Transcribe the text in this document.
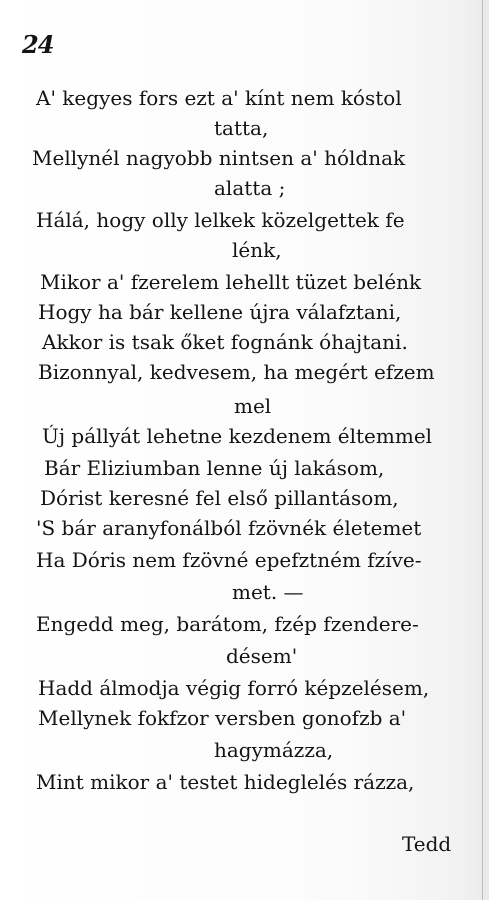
24
A' kegyes fors ezt a' kínt nem kóstol
tatta,
Mellynél nagyobb nintsen a' hóldnak
alatta ;
Hálá, hogy olly lelkek közelgettek fe
lénk,
Mikor a' fzerelem lehellt tüzet belénk
Hogy ha bár kellene újra válafztani,
Akkor is tsak őket fognánk óhajtani.
Bizonnyal, kedvesem, ha megért efzem
mel
Új pállyát lehetne kezdenem éltemmel
Bár Eliziumban lenne új lakásom,
Dórist keresné fel első pillantásom,
'S bár aranyfonálból fzövnék életemet
Ha Dóris nem fzövné epefztném fzíve-
met. —
Engedd meg, barátom, fzép fzendere-
désem'
Hadd álmodja végig forró képzelésem,
Mellynek fokfzor versben gonofzb a'
hagymázza,
Mint mikor a' testet hideglelés rázza,
Tedd
